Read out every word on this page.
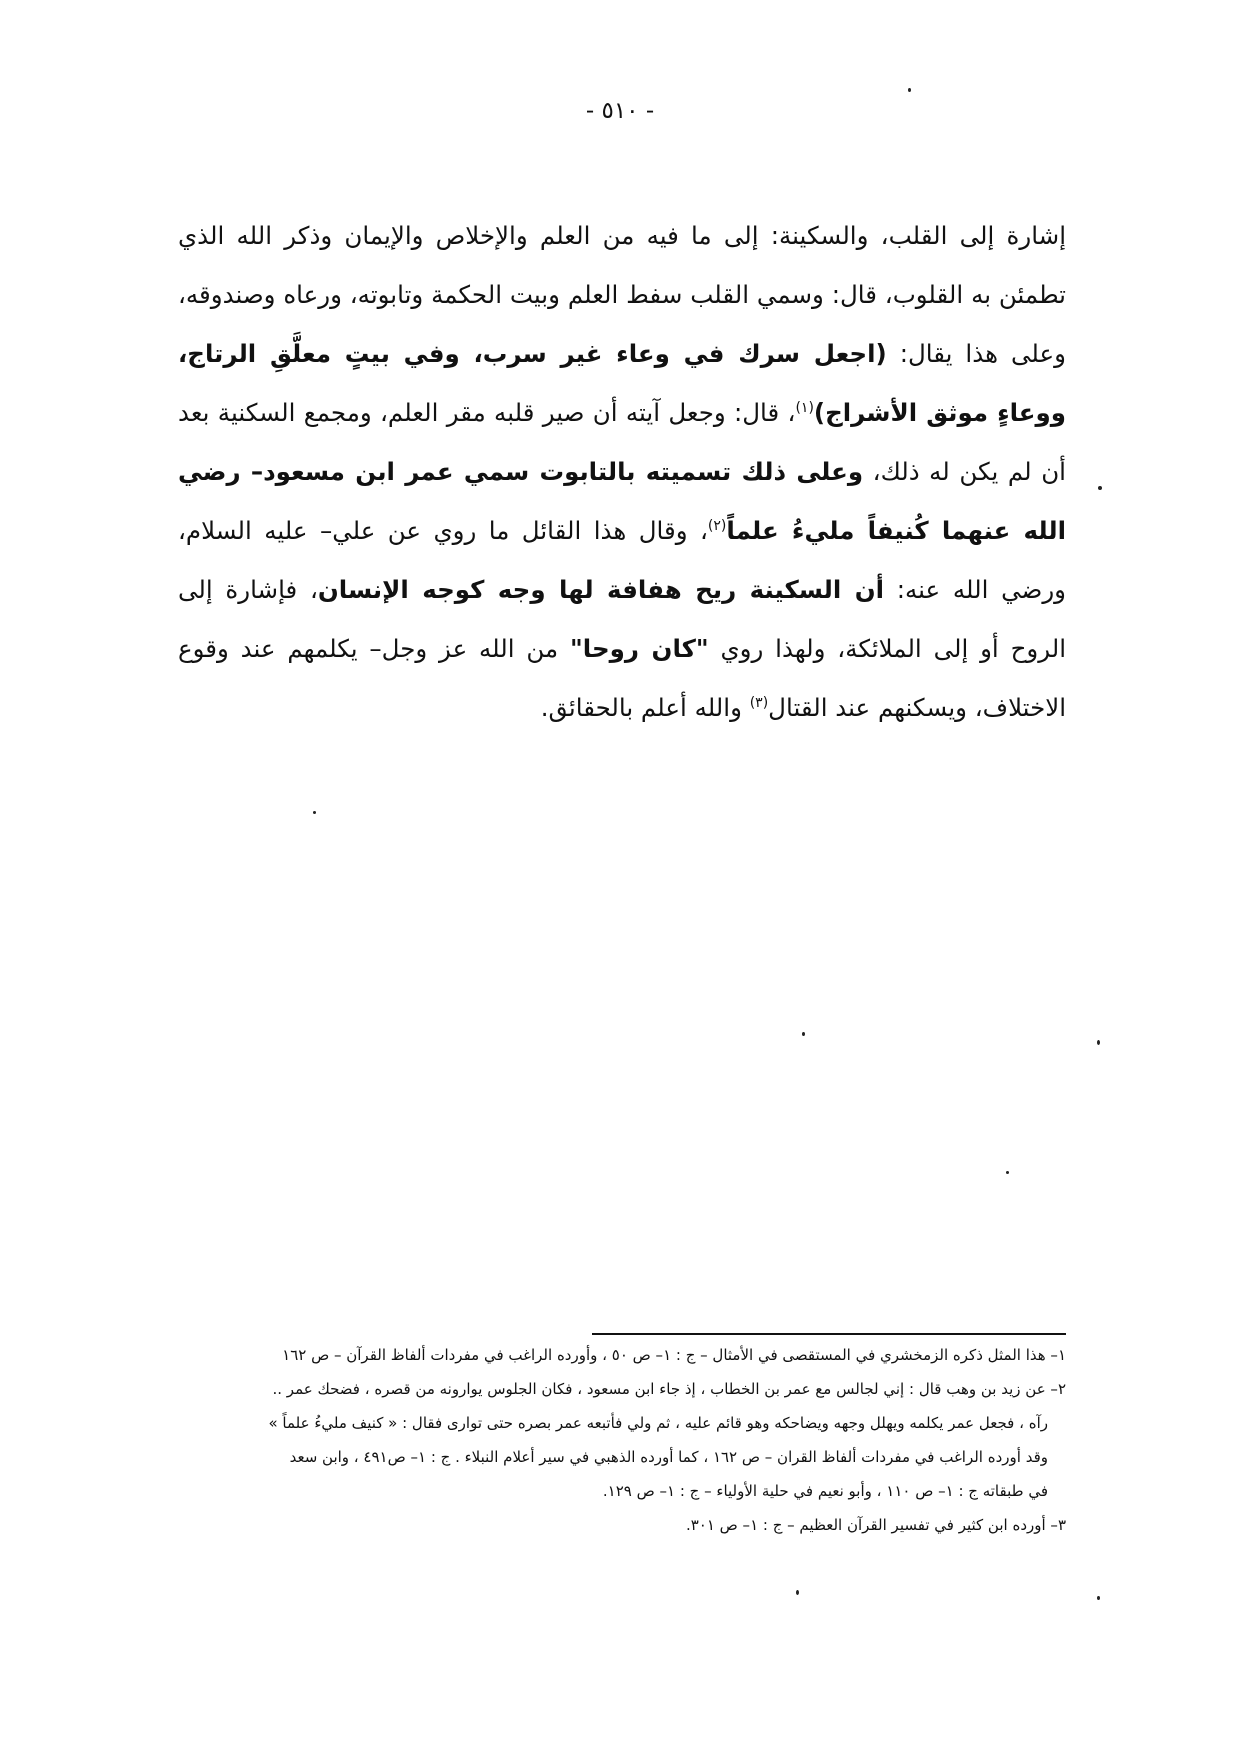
- ٥١٠ -
إشارة إلى القلب، والسكينة: إلى ما فيه من العلم والإخلاص والإيمان وذكر الله الذي تطمئن به القلوب، قال: وسمي القلب سفط العلم وبيت الحكمة وتابوته، ورعاه وصندوقه، وعلى هذا يقال: (اجعل سرك في وعاء غير سرب، وفي بيتٍ معلَّقِ الرتاج، ووعاءٍ موثق الأشراج)$^{(١)}$، قال: وجعل آيته أن صير قلبه مقر العلم، ومجمع السكنية بعد أن لم يكن له ذلك، وعلى ذلك تسميته بالتابوت سمي عمر ابن مسعود– رضي الله عنهما كُنيفاً مليءُ علماً$^{(٢)}$، وقال هذا القائل ما روي عن علي– عليه السلام، ورضي الله عنه: أن السكينة ريح هفافة لها وجه كوجه الإنسان، فإشارة إلى الروح أو إلى الملائكة، ولهذا روي "كان روحا" من الله عز وجل– يكلمهم عند وقوع الاختلاف، ويسكنهم عند القتال$^{(٣)}$ والله أعلم بالحقائق.

١– هذا المثل ذكره الزمخشري في المستقصى في الأمثال – ج : ١– ص ٥٠ ، وأورده الراغب في مفردات ألفاظ القرآن – ص ١٦٢

٢– عن زيد بن وهب قال : إني لجالس مع عمر بن الخطاب ، إذ جاء ابن مسعود ، فكان الجلوس يوارونه من قصره ، فضحك عمر ..

رآه ، فجعل عمر يكلمه ويهلل وجهه ويضاحكه وهو قائم عليه ، ثم ولي فأتبعه عمر بصره حتى توارى فقال : « كنيف مليءُ علماً »

وقد أورده الراغب في مفردات ألفاظ القران – ص ١٦٢ ، كما أورده الذهبي في سير أعلام النبلاء . ج : ١– ص٤٩١ ، وابن سعد

في طبقاته ج : ١– ص ١١٠ ، وأبو نعيم في حلية الأولياء – ج : ١– ص ١٢٩.

٣– أورده ابن كثير في تفسير القرآن العظيم – ج : ١– ص ٣٠١.
